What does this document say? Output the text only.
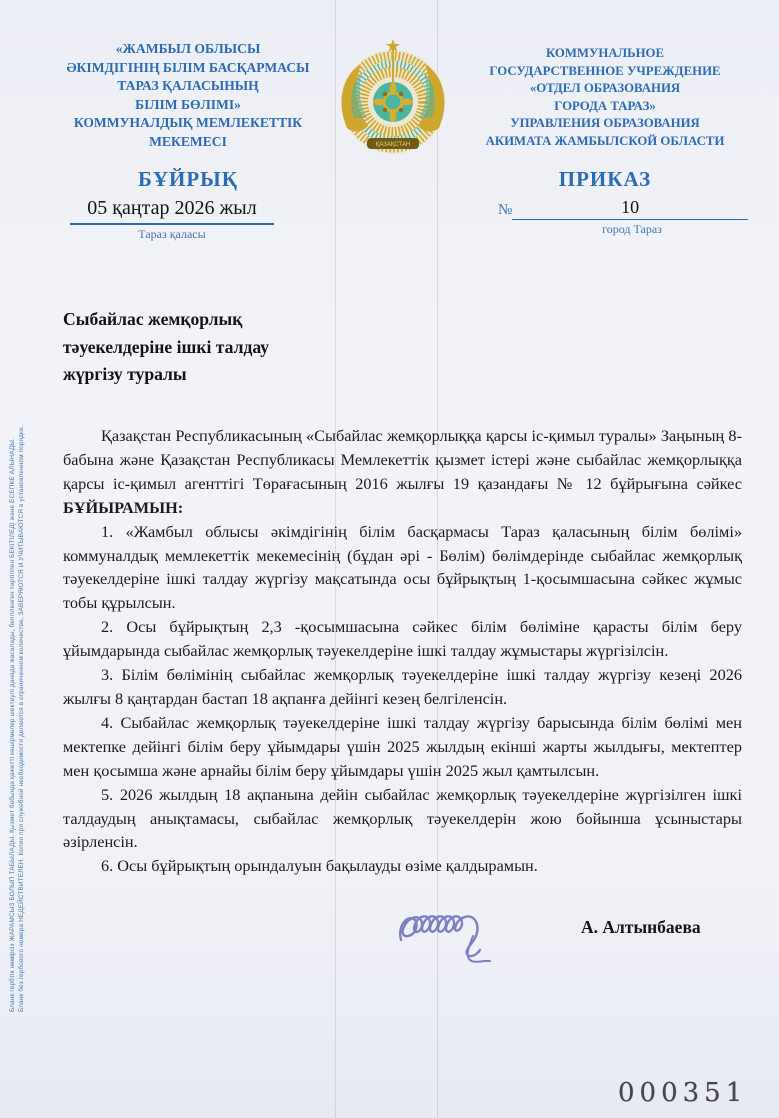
«ЖАМБЫЛ ОБЛЫСЫ
ӘКІМДІГІНІҢ БІЛІМ БАСҚАРМАСЫ
ТАРАЗ ҚАЛАСЫНЫҢ
БІЛІМ БӨЛІМІ»
КОММУНАЛДЫҚ МЕМЛЕКЕТТІК
МЕКЕМЕСІ	ҚАЗАҚСТАН
КОММУНАЛЬНОЕ
ГОСУДАРСТВЕННОЕ УЧРЕЖДЕНИЕ
«ОТДЕЛ ОБРАЗОВАНИЯ
ГОРОДА ТАРАЗ»
УПРАВЛЕНИЯ ОБРАЗОВАНИЯ
АКИМАТА ЖАМБЫЛСКОЙ ОБЛАСТИ
БҰЙРЫҚ	ПРИКАЗ
05 қаңтар 2026 жыл
Тараз қаласы
№	10
город Тараз
Сыбайлас жемқорлық
тәуекелдеріне ішкі талдау
жүргізу туралы

Қазақстан Республикасының «Сыбайлас жемқорлыққа қарсы іс-қимыл туралы» Заңының 8-бабына және Қазақстан Республикасы Мемлекеттік қызмет істері және сыбайлас жемқорлыққа қарсы іс-қимыл агенттігі Төрағасының 2016 жылғы 19 қазандағы № 12 бұйрығына сәйкес БҰЙЫРАМЫН:

1. «Жамбыл облысы әкімдігінің білім басқармасы Тараз қаласының білім бөлімі» коммуналдық мемлекеттік мекемесінің (бұдан әрі - Бөлім) бөлімдерінде сыбайлас жемқорлық тәуекелдеріне ішкі талдау жүргізу мақсатында осы бұйрықтың 1-қосымшасына сәйкес жұмыс тобы құрылсын.

2. Осы бұйрықтың 2,3 -қосымшасына сәйкес білім бөліміне қарасты білім беру ұйымдарында сыбайлас жемқорлық тәуекелдеріне ішкі талдау жұмыстары жүргізілсін.

3. Білім бөлімінің сыбайлас жемқорлық тәуекелдеріне ішкі талдау жүргізу кезеңі 2026 жылғы 8 қаңтардан бастап 18 ақпанға дейінгі кезең белгіленсін.

4. Сыбайлас жемқорлық тәуекелдеріне ішкі талдау жүргізу барысында білім бөлімі мен мектепке дейінгі білім беру ұйымдары үшін 2025 жылдың екінші жарты жылдығы, мектептер мен қосымша және арнайы білім беру ұйымдары үшін 2025 жыл қамтылсын.

5. 2026 жылдың 18 ақпанына дейін сыбайлас жемқорлық тәуекелдеріне жүргізілген ішкі талдаудың анықтамасы, сыбайлас жемқорлық тәуекелдерін жою бойынша ұсыныстары әзірленсін.

6. Осы бұйрықтың орындалуын бақылауды өзіме қалдырамын.

А. Алтынбаева
Бланк гербтік нөмірсіз ЖАРАМСЫЗ БОЛЫП ТАБЫЛАДЫ. Қызмет бабында қажетті көшірмелер шектеулі данада жасалады, белгіленген тәртіппен БЕКІТІЛЕДІ және ЕСЕПКЕ АЛЫНАДЫ. Бланк без гербового номера НЕДЕЙСТВИТЕЛЕН. Копии при служебной необходимости делаются в ограниченном количестве, ЗАВЕРЯЮТСЯ И УЧИТЫВАЮТСЯ в установленном порядке.
000351
